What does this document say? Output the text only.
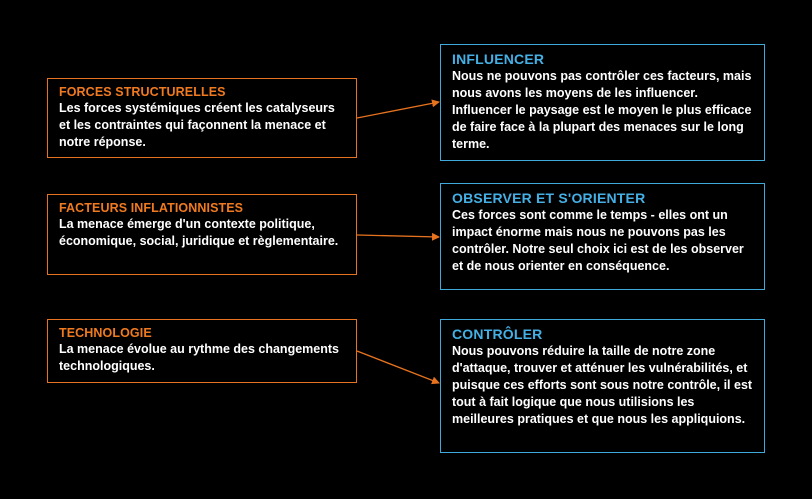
FORCES STRUCTURELLES
Les forces systémiques créent les catalyseurs et les contraintes qui façonnent la menace et notre réponse.
FACTEURS INFLATIONNISTES
La menace émerge d'un contexte politique, économique, social, juridique et règlementaire.
TECHNOLOGIE
La menace évolue au rythme des changements technologiques.
INFLUENCER
Nous ne pouvons pas contrôler ces facteurs, mais nous avons les moyens de les influencer. Influencer le paysage est le moyen le plus efficace de faire face à la plupart des menaces sur le long terme.
OBSERVER ET S'ORIENTER
Ces forces sont comme le temps - elles ont un impact énorme mais nous ne pouvons pas les contrôler. Notre seul choix ici est de les observer et de nous orienter en conséquence.
CONTRÔLER
Nous pouvons réduire la taille de notre zone d'attaque, trouver et atténuer les vulnérabilités, et puisque ces efforts sont sous notre contrôle, il est tout à fait logique que nous utilisions les meilleures pratiques et que nous les appliquions.
